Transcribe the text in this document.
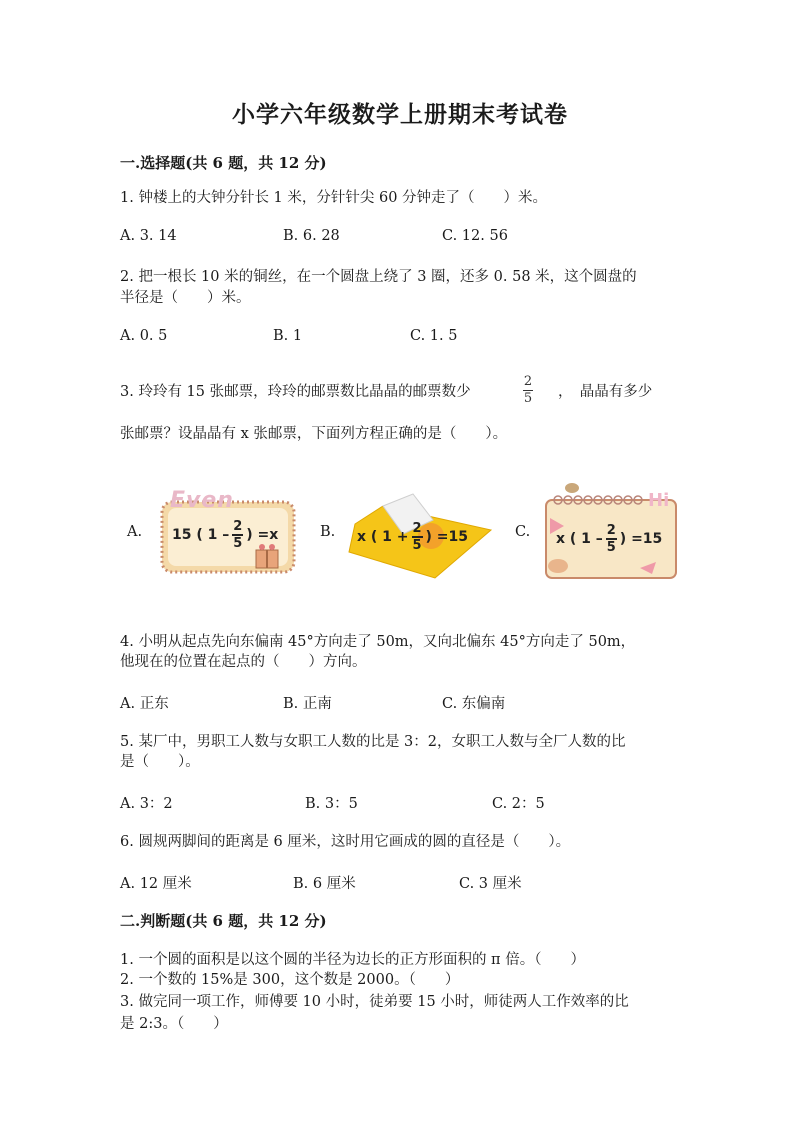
小学六年级数学上册期末考试卷
一.选择题(共 6 题，共 12 分)
1. 钟楼上的大钟分针长 1 米，分针针尖 60 分钟走了（　　）米。
A. 3. 14	B. 6. 28	C. 12. 56
2. 把一根长 10 米的铜丝，在一个圆盘上绕了 3 圈，还多 0. 58 米，这个圆盘的
半径是（　　）米。
A. 0. 5	B. 1	C. 1. 5
3. 玲玲有 15 张邮票，玲玲的邮票数比晶晶的邮票数少
2
5 ，　晶晶有多少
张邮票？设晶晶有 x 张邮票，下面列方程正确的是（　　）。
A.
Even
15 ( 1 –
2
5
) =x	B. x ( 1 +
2
5
) =15	C.
Hi
x ( 1 –
2
5
) =15
4. 小明从起点先向东偏南 45°方向走了 50m，又向北偏东 45°方向走了 50m，
他现在的位置在起点的（　　）方向。
A. 正东	B. 正南	C. 东偏南
5. 某厂中，男职工人数与女职工人数的比是 3：2，女职工人数与全厂人数的比
是（　　）。
A. 3：2	B. 3：5	C. 2：5
6. 圆规两脚间的距离是 6 厘米，这时用它画成的圆的直径是（　　）。
A. 12 厘米	B. 6 厘米	C. 3 厘米
二.判断题(共 6 题，共 12 分)
1. 一个圆的面积是以这个圆的半径为边长的正方形面积的 π 倍。（　　）
2. 一个数的 15%是 300，这个数是 2000。（　　）
3. 做完同一项工作，师傅要 10 小时，徒弟要 15 小时，师徒两人工作效率的比
是 2:3。（　　）
